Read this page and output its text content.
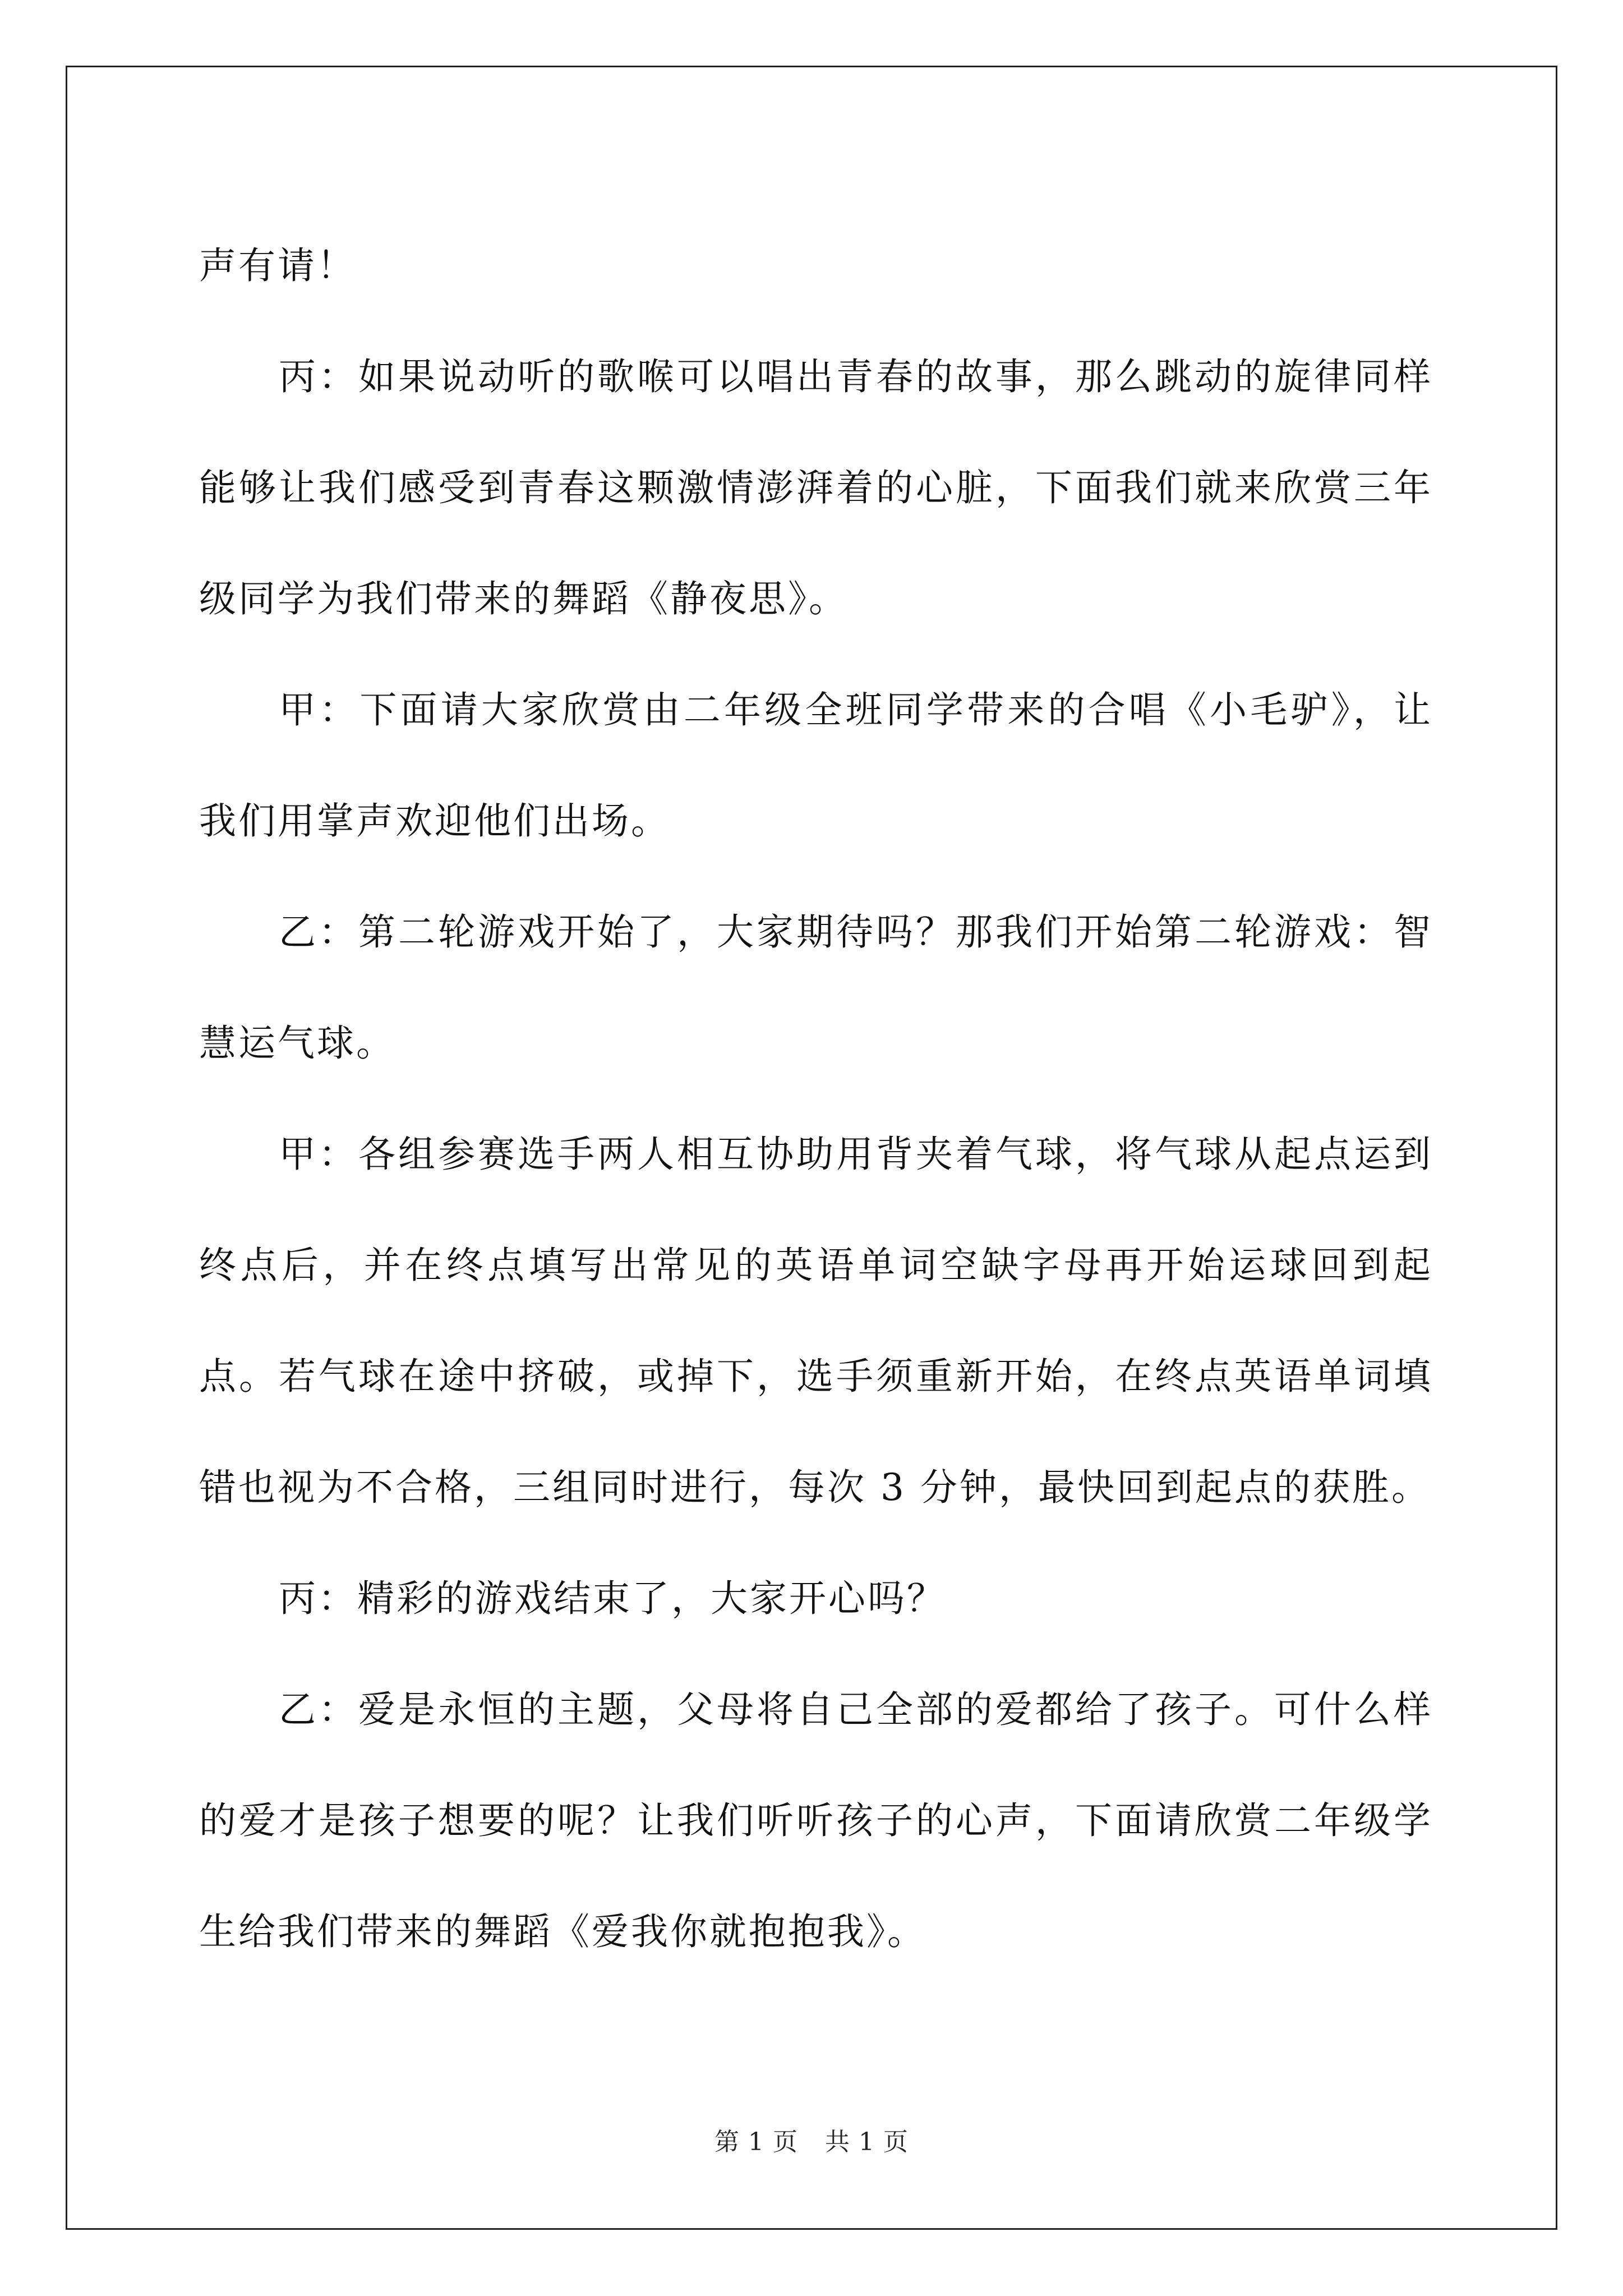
声有请！

丙：如果说动听的歌喉可以唱出青春的故事，那么跳动的旋律同样能够让我们感受到青春这颗激情澎湃着的心脏，下面我们就来欣赏三年级同学为我们带来的舞蹈《静夜思》。

甲：下面请大家欣赏由二年级全班同学带来的合唱《小毛驴》，让我们用掌声欢迎他们出场。

乙：第二轮游戏开始了，大家期待吗？那我们开始第二轮游戏：智慧运气球。

甲：各组参赛选手两人相互协助用背夹着气球，将气球从起点运到终点后，并在终点填写出常见的英语单词空缺字母再开始运球回到起点。若气球在途中挤破，或掉下，选手须重新开始，在终点英语单词填错也视为不合格，三组同时进行，每次 3 分钟，最快回到起点的获胜。

丙：精彩的游戏结束了，大家开心吗？

乙：爱是永恒的主题，父母将自己全部的爱都给了孩子。可什么样的爱才是孩子想要的呢？让我们听听孩子的心声，下面请欣赏二年级学生给我们带来的舞蹈《爱我你就抱抱我》。

第 1 页 共 1 页
